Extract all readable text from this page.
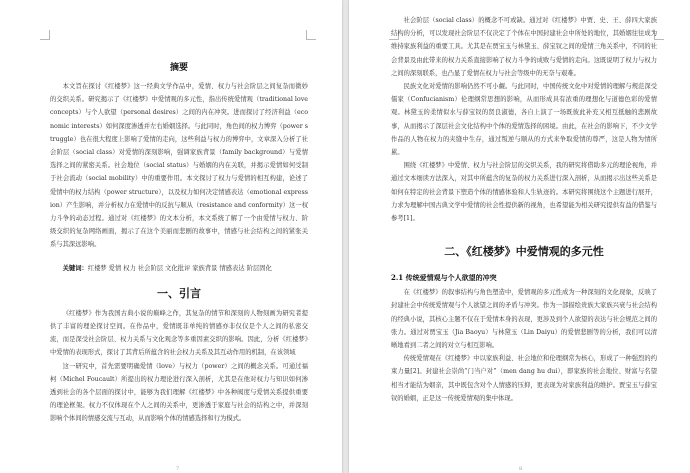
摘要

本文旨在探讨《红楼梦》这一经典文学作品中，爱情、权力与社会阶层之间复杂而微妙的交织关系。研究揭示了《红楼梦》中爱情观的多元性，指出传统爱情观（traditional love concepts）与个人欲望（personal desires）之间的内在冲突。进而探讨了经济利益（economic interests）如何深度渗透并左右婚姻选择。与此同时，角色间的权力博弈（power struggle）也在很大程度上影响了爱情的走向，这些利益与权力的博弈中，文章深入分析了社会阶层（social class）对爱情的深刻影响，强调家族背景（family background）与爱情选择之间的紧密关系。社会地位（social status）与婚姻的内在关联，并揭示爱情如何受制于社会流动（social mobility）中的重要作用。本文探讨了权力与爱情的相互构建，论述了爱情中的权力结构（power structure），以及权力如何决定情感表达（emotional expression）产生影响，并分析权力在爱情中的反抗与顺从（resistance and conformity）这一权力斗争的动态过程。通过对《红楼梦》的文本分析，本文系统了解了一个由爱情与权力、阶级交织的复杂网络画面，揭示了在这个美丽而悲剧的故事中，情感与社会结构之间的紧张关系与其深远影响。

关键词：红楼梦 爱情 权力 社会阶层 文化批评 家族背景 情感表达 阶层固化

一、引言

《红楼梦》作为我国古典小说的巅峰之作，其复杂的情节和深刻的人物刻画为研究者提供了丰富的理论探讨空间。在作品中，爱情既非单纯的情感亦非仅仅是个人之间的私密交流，而是深受社会阶层、权力关系与文化观念等多重因素交织的影响。因此，分析《红楼梦》中爱情的表现形式，探讨了其背后所蕴含的社会权力关系及其互动作用的机制，在该领域

这一研究中，首先需要明确爱情（love）与权力（power）之间的概念关系。可通过福柯（Michel Foucault）所提出的权力理论进行深入剖析，尤其是在他对权力与知识如何渗透到社会的各个层面的探讨中，能够为我们理解《红楼梦》中各种阀度与爱情关系提供重要的理论框架。权力不仅体现在个人之间的关系中，更渗透于家庭与社会的结构之中，并深刻影响个体间的情感交流与互动，从而影响个体的情感选择和行为模式。

7

社会阶层（social class）的概念不可或缺。通过对《红楼梦》中贾、史、王、薛四大家族结构的分析，可以发现社会阶层不仅决定了个体在中国封建社会中所处的地位，其婚姻往往成为维持家族利益的重要工具。尤其是在贾宝玉与林黛玉、薛宝钗之间的爱情三角关系中，不同的社会背景及由此带来的权力关系直接影响了权力斗争的成败与爱情的走向。这既说明了权力与权力之间的深刻联系，也凸显了爱情在权力与社会等级中的无奈与艰难。

民族文化对爱情的影响仍然不可小觑。与此同时，中国传统文化中对爱情的理解与规范深受儒家（Confucianism）伦理纲常思想的影响，从而形成具有浓重的理想化与道德色彩的爱情观。林黛玉的柔情似水与薛宝钗的贤良淑德，各自上演了一场既彼此补充又相互抵触的悲剧故事，从而揭示了深层社会文化结构中个体的爱情选择的困境。由此，在社会的影响下，不少文学作品的人物在权力的夹缝中生存，通过叛逆与顺从的方式来争取爱情的尊严，这是人物为情所累。

围绕《红楼梦》中爱情、权力与社会阶层的交织关系，我的研究将借助多元的理论视角，并通过文本细读方法深入，对其中所蕴含的复杂的权力关系进行深入剖析，从而揭示出这些关系是如何在特定的社会背景下塑造个体的情感体验和人生轨迹的。本研究将围绕这个主题进行展开，力求为理解中国古典文学中爱情的社会性提供新的视角，也希望能为相关研究提供有益的借鉴与参考[1]。

二、《红楼梦》中爱情观的多元性
2.1 传统爱情观与个人欲望的冲突

在《红楼梦》的叙事结构与角色塑造中，爱情观的多元性成为一种深刻的文化现象，反映了封建社会中传统爱情观与个人欲望之间的矛盾与冲突。作为一部描绘贵族大家族兴衰与社会结构的经典小说，其核心主题不仅在于爱情本身的表现，更涉及到个人欲望的表达与社会规范之间的张力。通过对贾宝玉（Jia Baoyu）与林黛玉（Lin Daiyu）的爱情悲剧等的分析，我们可以清晰地看到二者之间的对立与相互影响。

传统爱情观在《红楼梦》中以家族利益、社会地位和伦理纲常为核心，形成了一种强烈的约束力量[2]。封建社会崇尚“门当户对”（men dang hu dui），即家族的社会地位、财富与名望相当才能结为姻亲，其中既包含对个人情感的压抑，更表现为对家族利益的维护。贾宝玉与薛宝钗的婚姻，正是这一传统爱情观的集中体现。

8
